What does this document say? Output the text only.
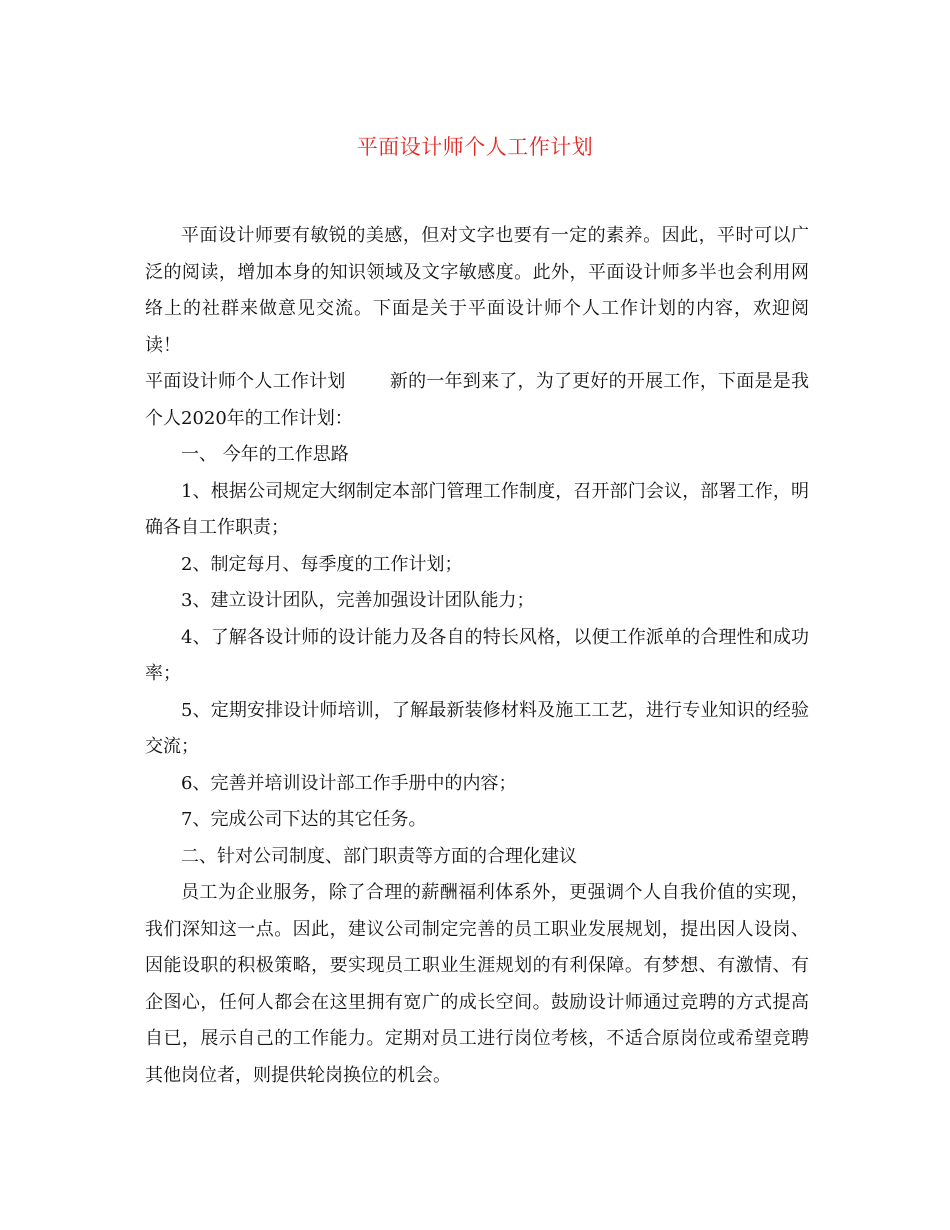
平面设计师个人工作计划

平面设计师要有敏锐的美感，但对文字也要有一定的素养。因此，平时可以广泛的阅读，增加本身的知识领域及文字敏感度。此外，平面设计师多半也会利用网络上的社群来做意见交流。下面是关于平面设计师个人工作计划的内容，欢迎阅读！

平面设计师个人工作计划 新的一年到来了，为了更好的开展工作，下面是是我个人2020年的工作计划：

一、 今年的工作思路

1、根据公司规定大纲制定本部门管理工作制度，召开部门会议，部署工作，明确各自工作职责；

2、制定每月、每季度的工作计划；

3、建立设计团队，完善加强设计团队能力；

4、了解各设计师的设计能力及各自的特长风格，以便工作派单的合理性和成功率；

5、定期安排设计师培训，了解最新装修材料及施工工艺，进行专业知识的经验交流；

6、完善并培训设计部工作手册中的内容；

7、完成公司下达的其它任务。

二、针对公司制度、部门职责等方面的合理化建议

员工为企业服务，除了合理的薪酬福利体系外，更强调个人自我价值的实现，我们深知这一点。因此，建议公司制定完善的员工职业发展规划，提出因人设岗、因能设职的积极策略，要实现员工职业生涯规划的有利保障。有梦想、有激情、有企图心，任何人都会在这里拥有宽广的成长空间。鼓励设计师通过竞聘的方式提高自已，展示自己的工作能力。定期对员工进行岗位考核，不适合原岗位或希望竞聘其他岗位者，则提供轮岗换位的机会。
